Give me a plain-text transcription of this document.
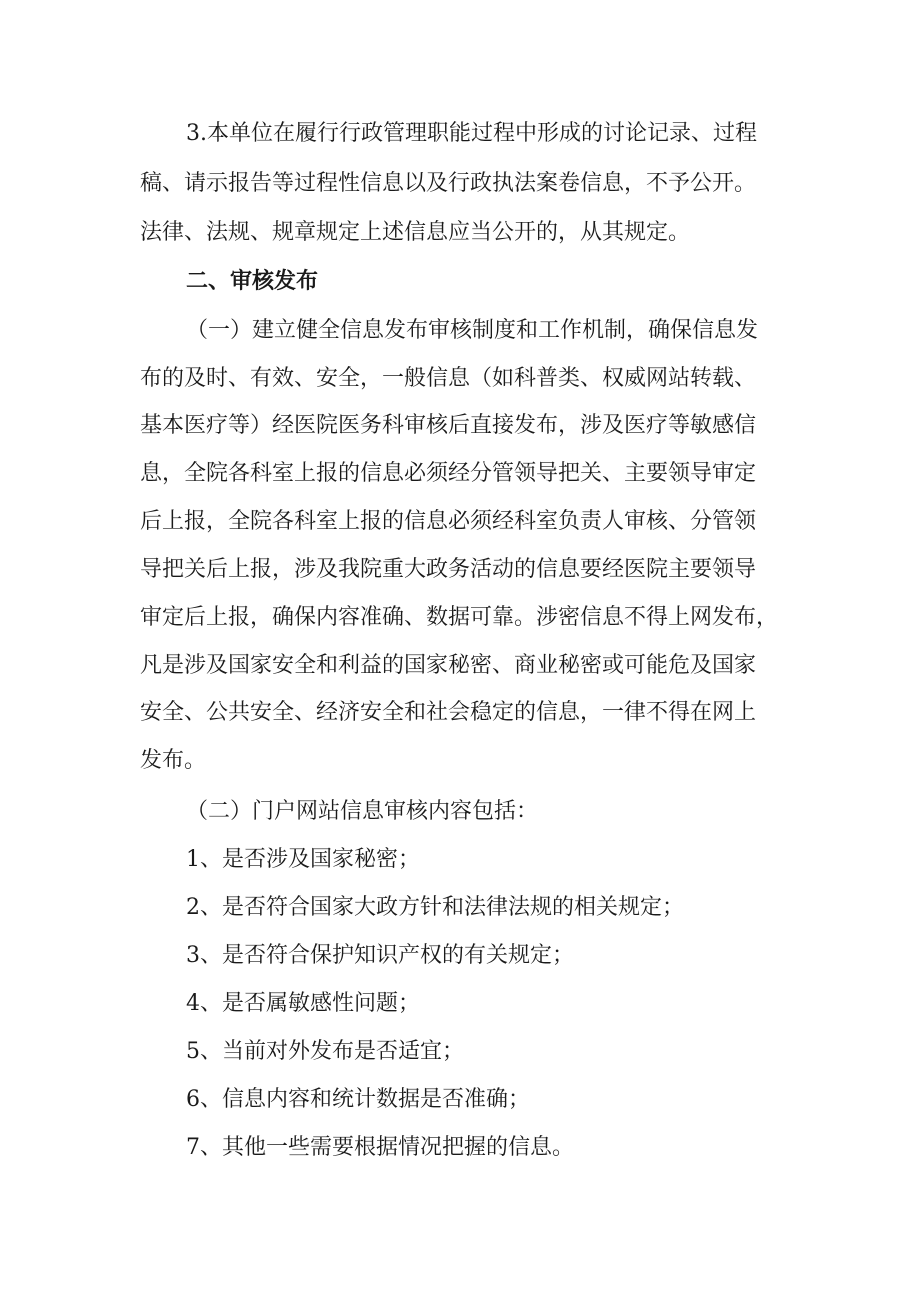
3.本单位在履行行政管理职能过程中形成的讨论记录、过程

稿、请示报告等过程性信息以及行政执法案卷信息，不予公开。

法律、法规、规章规定上述信息应当公开的，从其规定。

二、审核发布

（一）建立健全信息发布审核制度和工作机制，确保信息发

布的及时、有效、安全，一般信息（如科普类、权威网站转载、

基本医疗等）经医院医务科审核后直接发布，涉及医疗等敏感信

息，全院各科室上报的信息必须经分管领导把关、主要领导审定

后上报，全院各科室上报的信息必须经科室负责人审核、分管领

导把关后上报，涉及我院重大政务活动的信息要经医院主要领导

审定后上报，确保内容准确、数据可靠。涉密信息不得上网发布，

凡是涉及国家安全和利益的国家秘密、商业秘密或可能危及国家

安全、公共安全、经济安全和社会稳定的信息，一律不得在网上

发布。

（二）门户网站信息审核内容包括：

1、是否涉及国家秘密；

2、是否符合国家大政方针和法律法规的相关规定；

3、是否符合保护知识产权的有关规定；

4、是否属敏感性问题；

5、当前对外发布是否适宜；

6、信息内容和统计数据是否准确；

7、其他一些需要根据情况把握的信息。
